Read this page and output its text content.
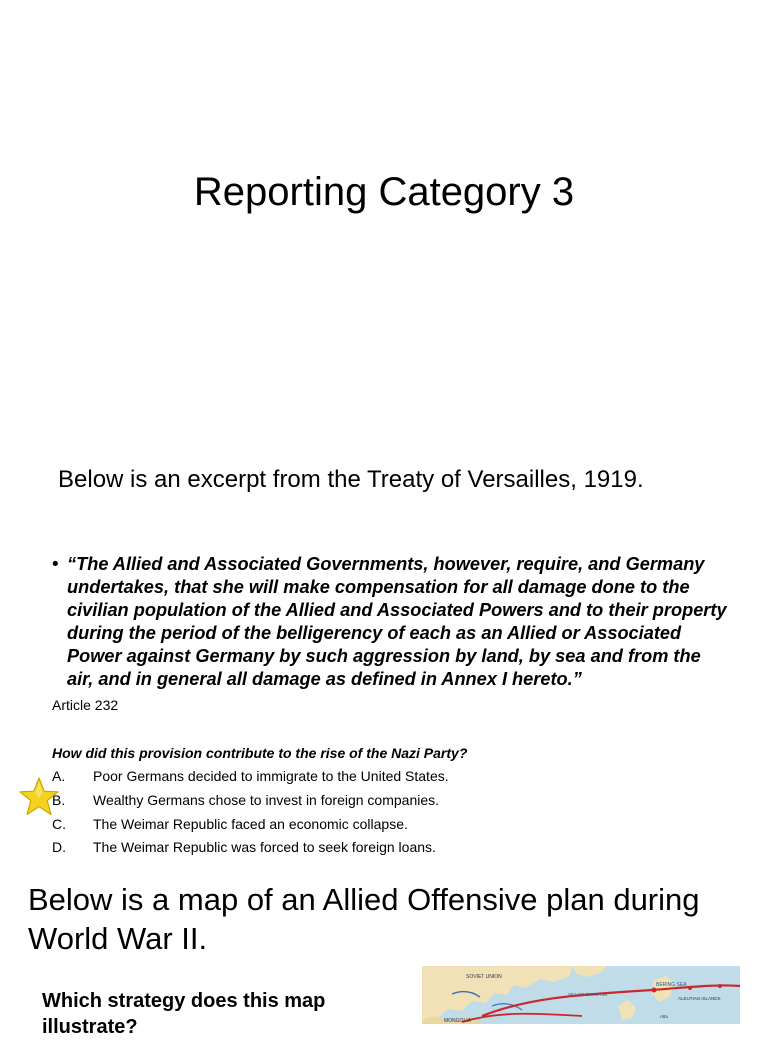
Reporting Category 3
Below is an excerpt from the Treaty of Versailles, 1919.
• “The Allied and Associated Governments, however, require, and Germany undertakes, that she will make compensation for all damage done to the civilian population of the Allied and Associated Powers and to their property during the period of the belligerency of each as an Allied or Associated Power against Germany by such aggression by land, by sea and from the air, and in general all damage as defined in Annex I hereto.”
Article 232
How did this provision contribute to the rise of the Nazi Party?
A. Poor Germans decided to immigrate to the United States.
B. Wealthy Germans chose to invest in foreign companies.
C. The Weimar Republic faced an economic collapse.
D. The Weimar Republic was forced to seek foreign loans.
Below is a map of an Allied Offensive plan during World War II.
Which strategy does this map illustrate?
SOVIET UNION
BERING SEA
SEA OF OKHOTSK
ALEUTIAN ISLANDS
MONGOLIA
Attu
